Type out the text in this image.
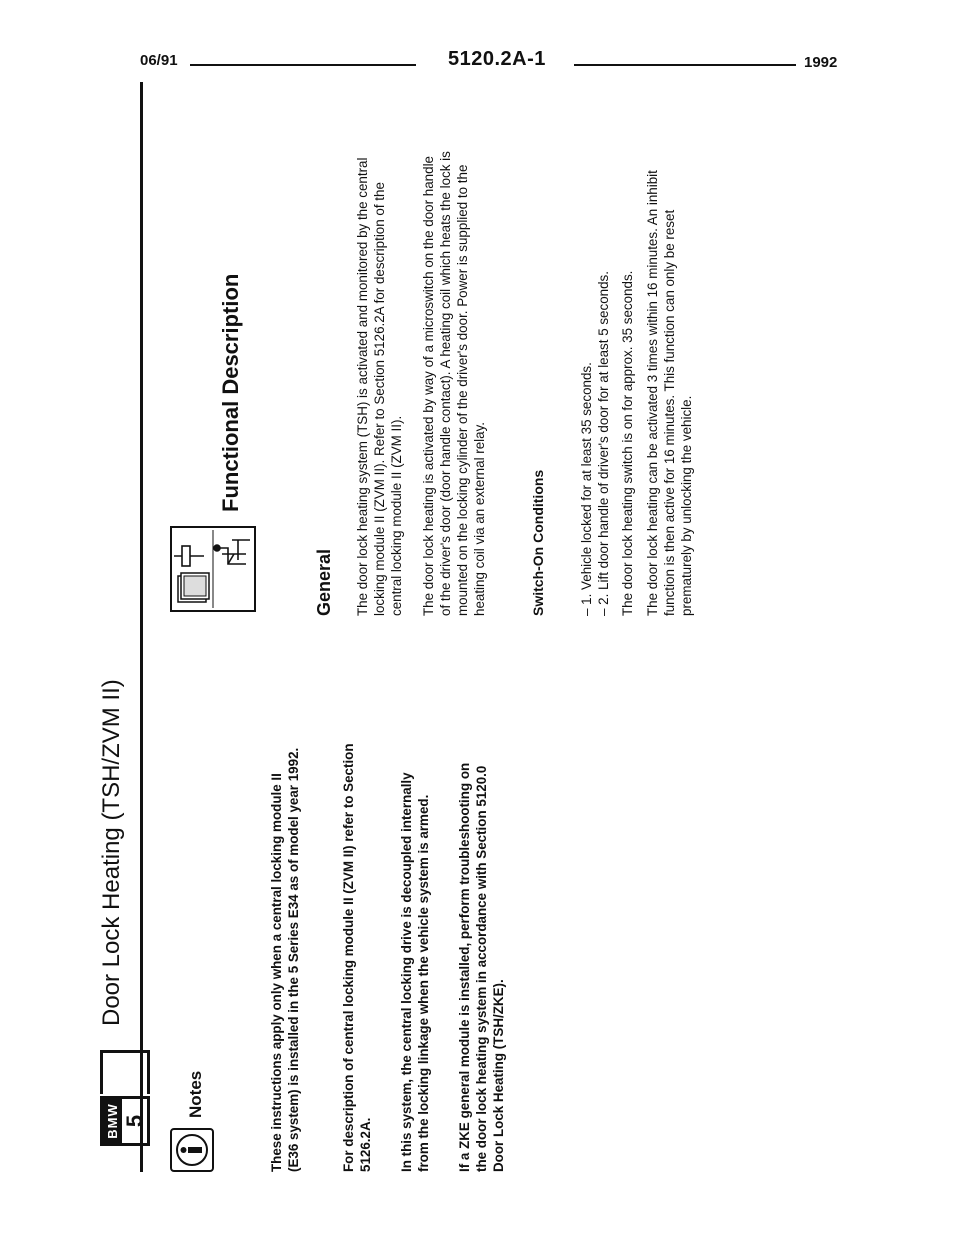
06/91	5120.2A-1	1992
BMW 5
Door Lock Heating (TSH/ZVM II)
Notes	These instructions apply only when a central locking module II (E36 system) is installed in the 5 Series E34 as of model year 1992.	For description of central locking module II (ZVM II) refer to Section 5126.2A. In this system, the central locking drive is decoupled internally from the locking linkage when the vehicle system is armed. If a ZKE general module is installed, perform troubleshooting on the door lock heating system in accordance with Section 5120.0 Door Lock Heating (TSH/ZKE).

Functional Description
General The door lock heating system (TSH) is activated and monitored by the central locking module II (ZVM II). Refer to Section 5126.2A for description of the central locking module II (ZVM II). The door lock heating is activated by way of a microswitch on the door handle of the driver's door (door handle contact). A heating coil which heats the lock is mounted on the locking cylinder of the driver's door. Power is supplied to the heating coil via an external relay.	Switch-On Conditions – 1. Vehicle locked for at least 35 seconds. – 2. Lift door handle of driver's door for at least 5 seconds. The door lock heating switch is on for approx. 35 seconds. The door lock heating can be activated 3 times within 16 minutes. An inhibit function is then active for 16 minutes. This function can only be reset prematurely by unlocking the vehicle.
